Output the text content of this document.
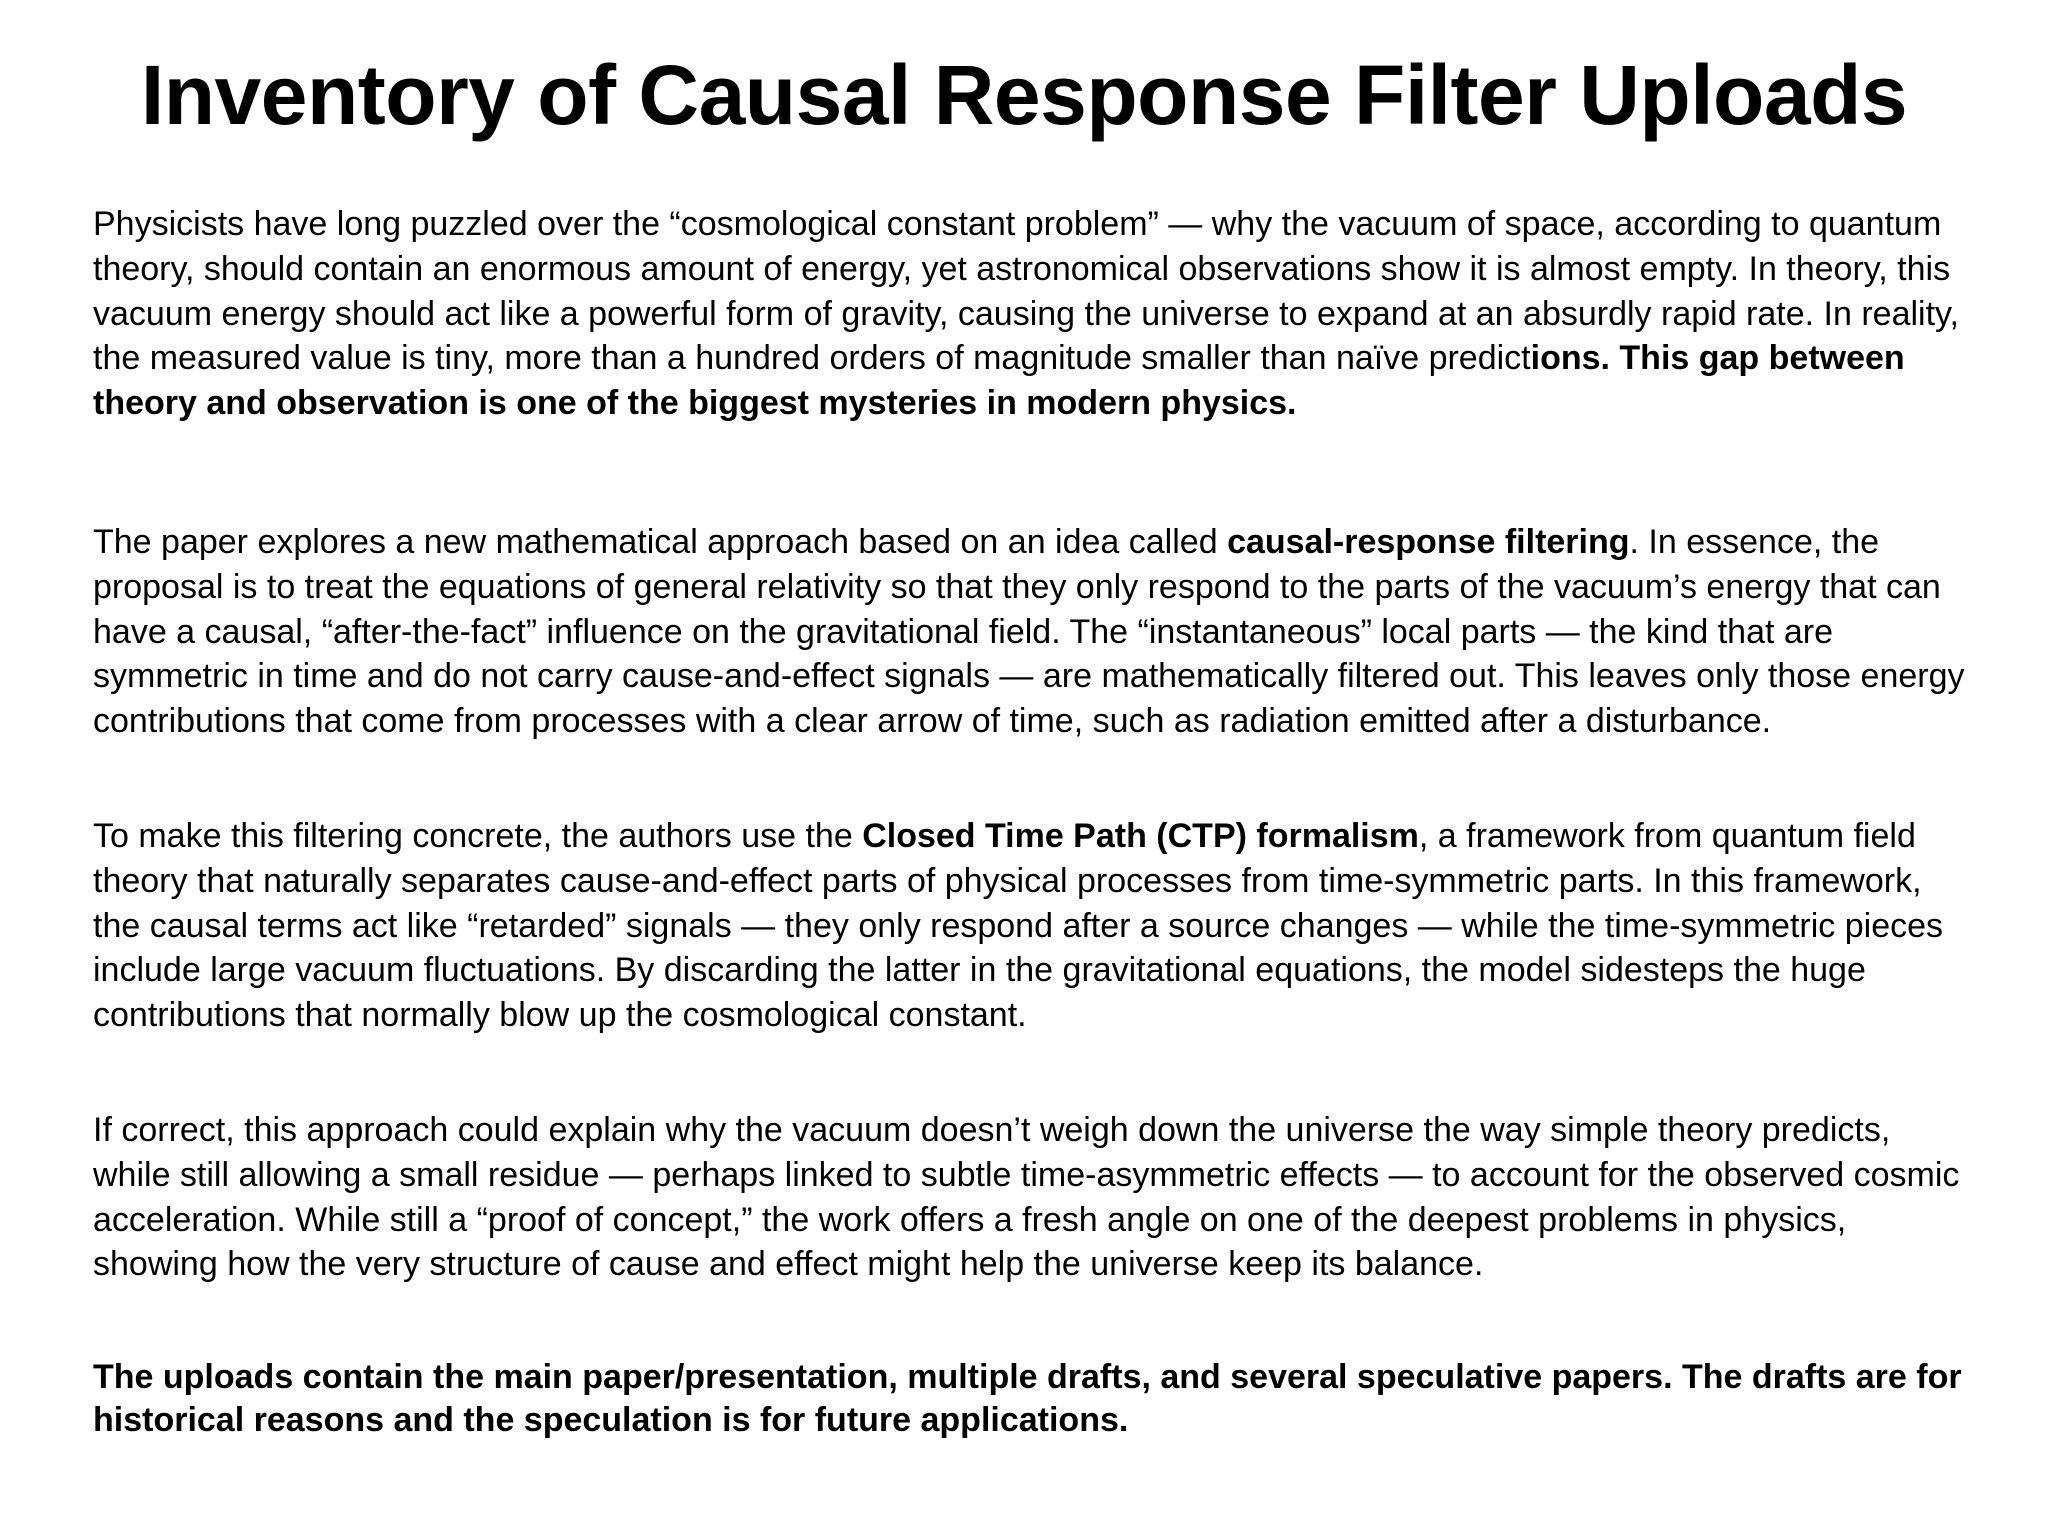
Inventory of Causal Response Filter Uploads

Physicists have long puzzled over the “cosmological constant problem” — why the vacuum of space, according to quantum theory, should contain an enormous amount of energy, yet astronomical observations show it is almost empty. In theory, this vacuum energy should act like a powerful form of gravity, causing the universe to expand at an absurdly rapid rate. In reality, the measured value is tiny, more than a hundred orders of magnitude smaller than naïve predictions. This gap between theory and observation is one of the biggest mysteries in modern physics.

The paper explores a new mathematical approach based on an idea called causal-response filtering. In essence, the proposal is to treat the equations of general relativity so that they only respond to the parts of the vacuum’s energy that can have a causal, “after-the-fact” influence on the gravitational field. The “instantaneous” local parts — the kind that are symmetric in time and do not carry cause-and-effect signals — are mathematically filtered out. This leaves only those energy contributions that come from processes with a clear arrow of time, such as radiation emitted after a disturbance.

To make this filtering concrete, the authors use the Closed Time Path (CTP) formalism, a framework from quantum field theory that naturally separates cause-and-effect parts of physical processes from time-symmetric parts. In this framework, the causal terms act like “retarded” signals — they only respond after a source changes — while the time-symmetric pieces include large vacuum fluctuations. By discarding the latter in the gravitational equations, the model sidesteps the huge contributions that normally blow up the cosmological constant.

If correct, this approach could explain why the vacuum doesn’t weigh down the universe the way simple theory predicts, while still allowing a small residue — perhaps linked to subtle time-asymmetric effects — to account for the observed cosmic acceleration. While still a “proof of concept,” the work offers a fresh angle on one of the deepest problems in physics, showing how the very structure of cause and effect might help the universe keep its balance.

The uploads contain the main paper/presentation, multiple drafts, and several speculative papers. The drafts are for historical reasons and the speculation is for future applications.
